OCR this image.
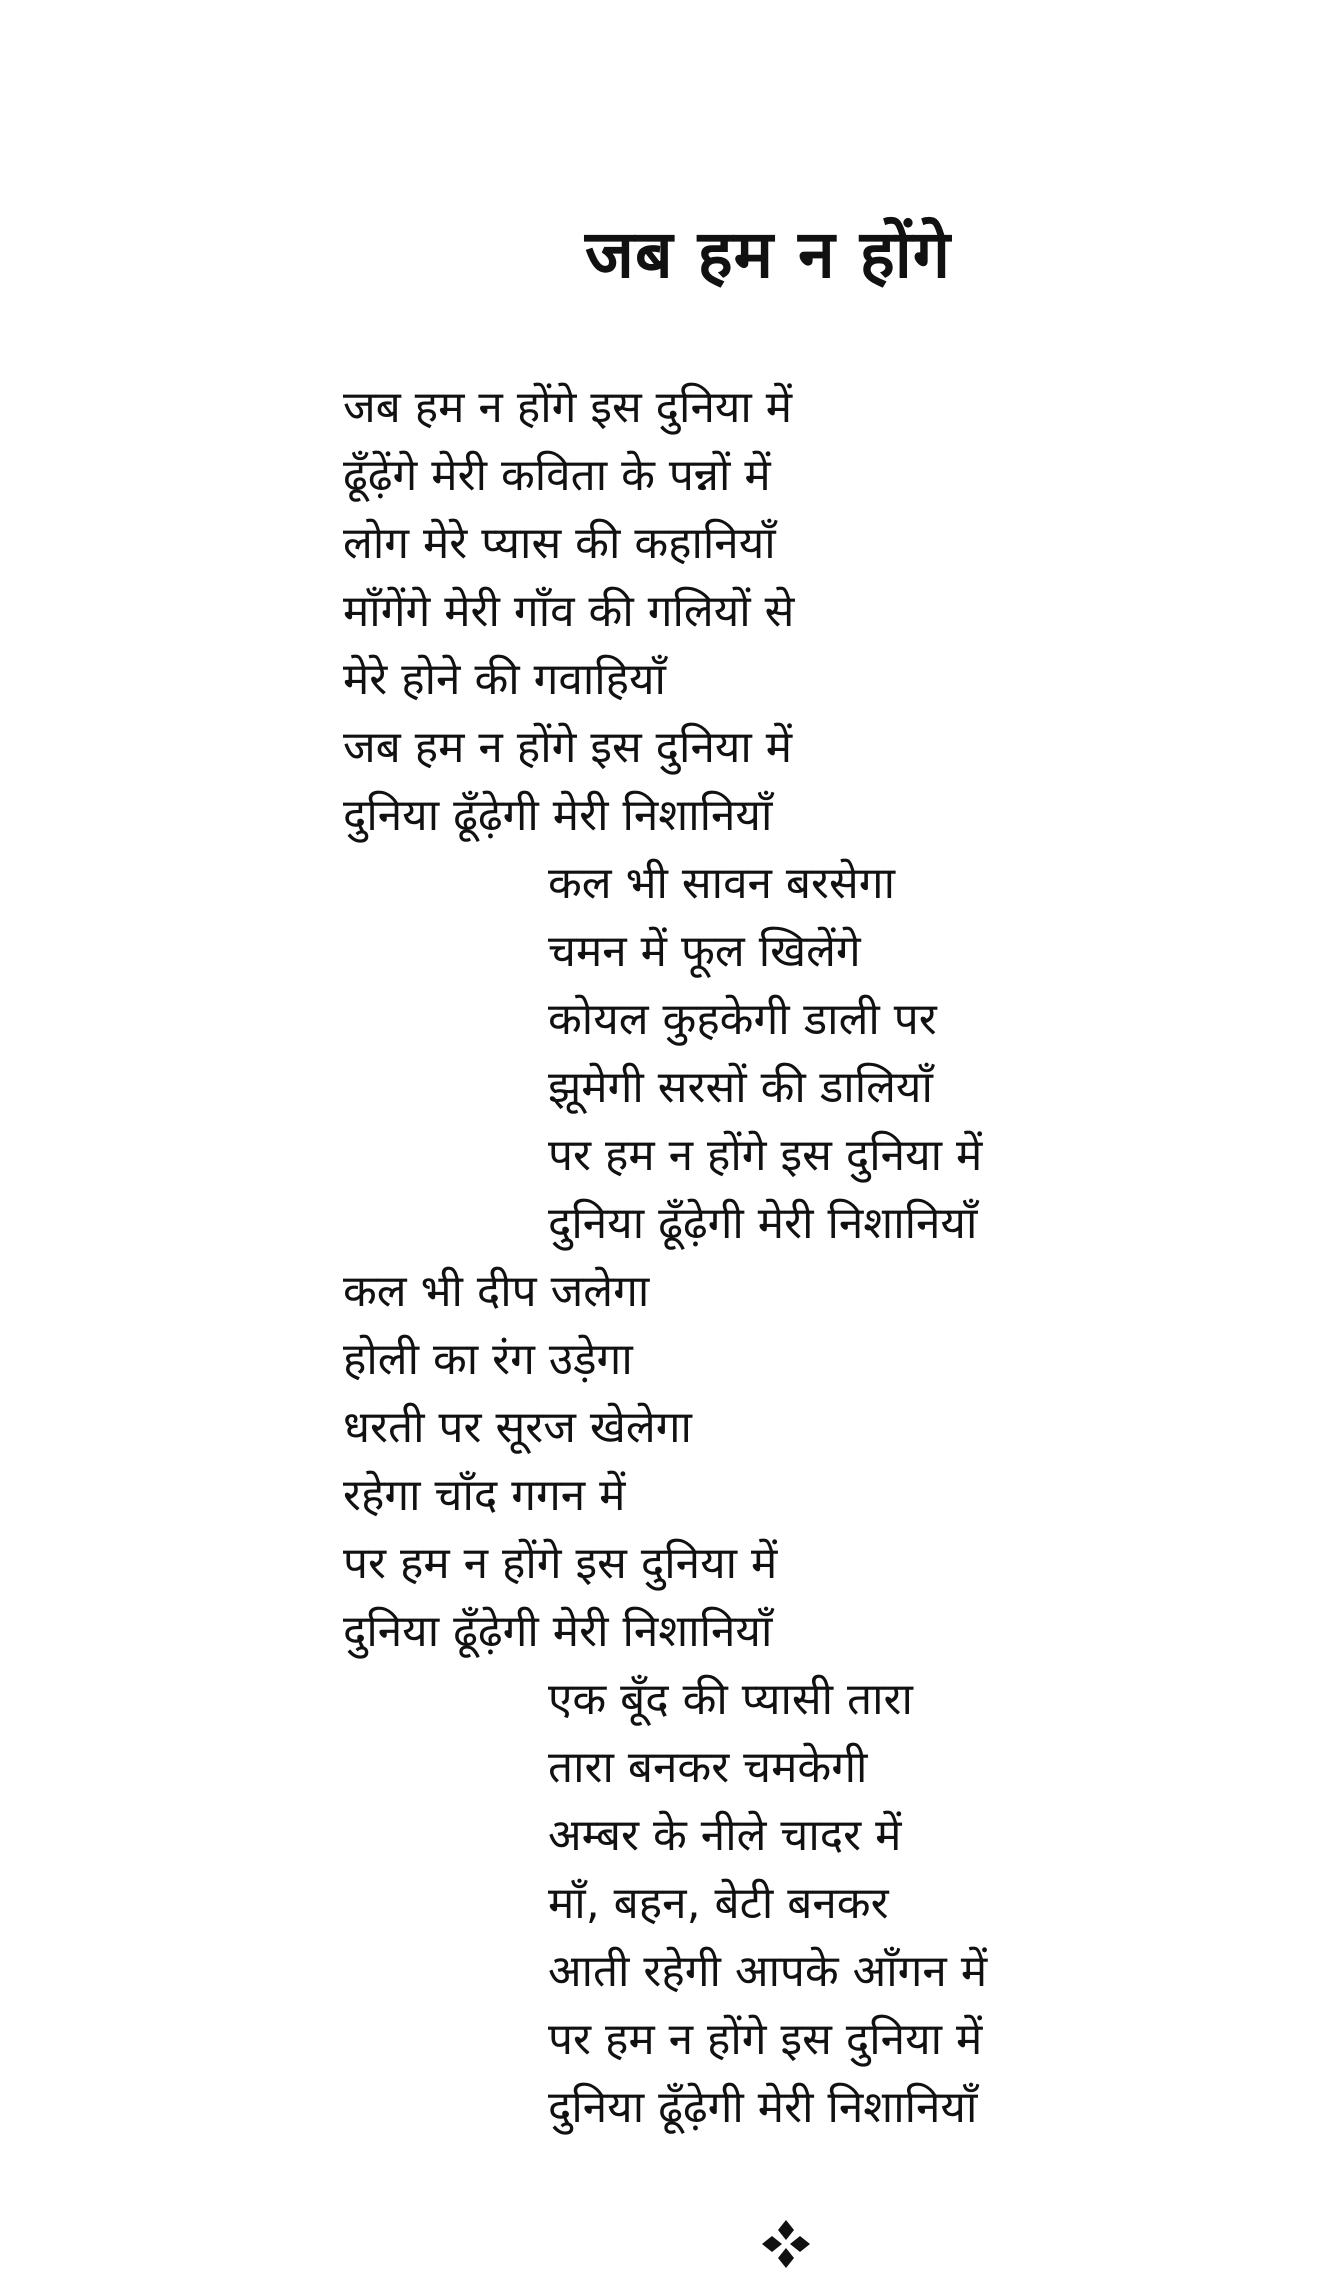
जब हम न होंगे
जब हम न होंगे इस दुनिया में
ढूँढ़ेंगे मेरी कविता के पन्नों में
लोग मेरे प्यास की कहानियाँ
माँगेंगे मेरी गाँव की गलियों से
मेरे होने की गवाहियाँ
जब हम न होंगे इस दुनिया में
दुनिया ढूँढ़ेगी मेरी निशानियाँ
कल भी सावन बरसेगा
चमन में फूल खिलेंगे
कोयल कुहकेगी डाली पर
झूमेगी सरसों की डालियाँ
पर हम न होंगे इस दुनिया में
दुनिया ढूँढ़ेगी मेरी निशानियाँ
कल भी दीप जलेगा
होली का रंग उड़ेगा
धरती पर सूरज खेलेगा
रहेगा चाँद गगन में
पर हम न होंगे इस दुनिया में
दुनिया ढूँढ़ेगी मेरी निशानियाँ
एक बूँद की प्यासी तारा
तारा बनकर चमकेगी
अम्बर के नीले चादर में
माँ, बहन, बेटी बनकर
आती रहेगी आपके आँगन में
पर हम न होंगे इस दुनिया में
दुनिया ढूँढ़ेगी मेरी निशानियाँ
